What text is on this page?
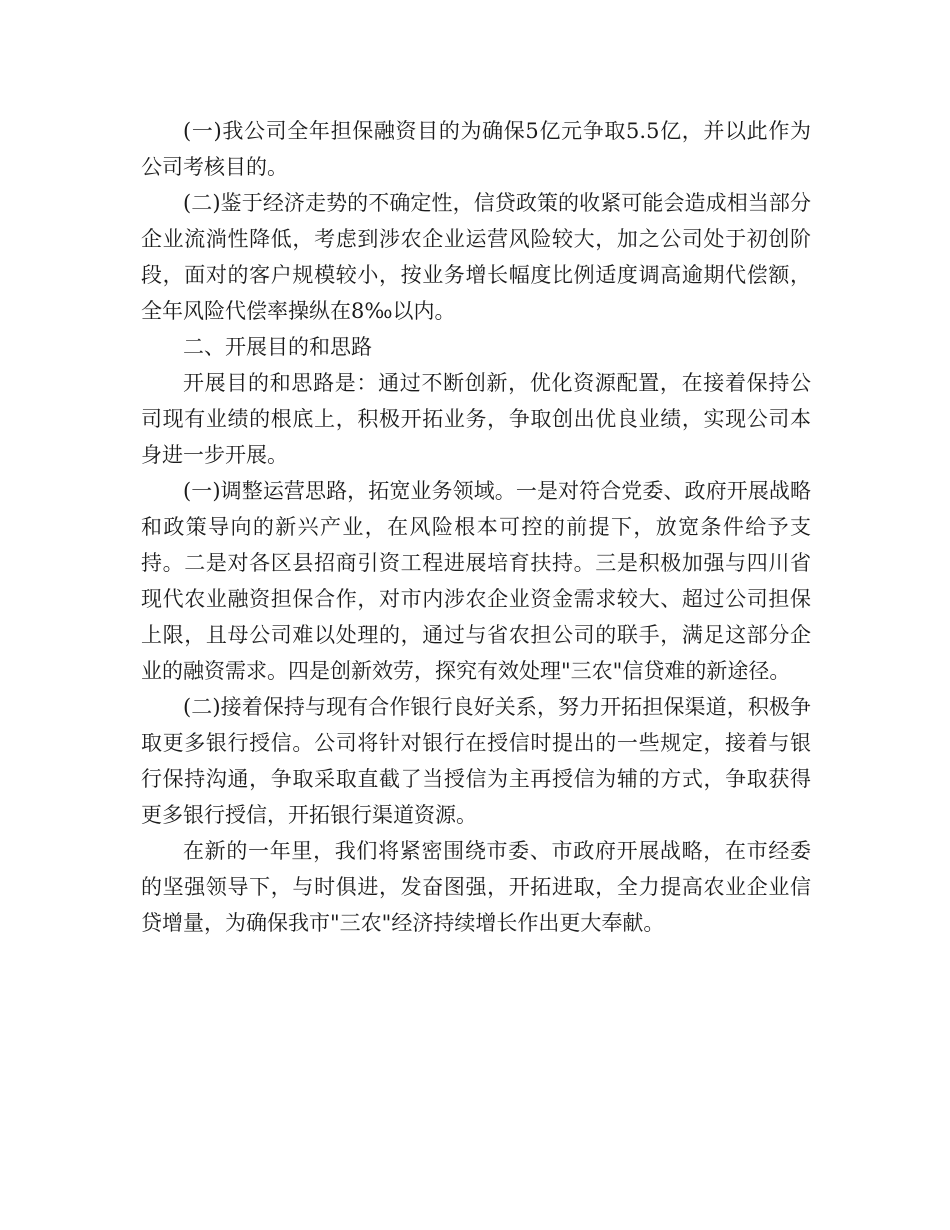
(一)我公司全年担保融资目的为确保5亿元争取5.5亿，并以此作为公司考核目的。

(二)鉴于经济走势的不确定性，信贷政策的收紧可能会造成相当部分企业流淌性降低，考虑到涉农企业运营风险较大，加之公司处于初创阶段，面对的客户规模较小，按业务增长幅度比例适度调高逾期代偿额，全年风险代偿率操纵在8‰以内。

二、开展目的和思路

开展目的和思路是：通过不断创新，优化资源配置，在接着保持公司现有业绩的根底上，积极开拓业务，争取创出优良业绩，实现公司本身进一步开展。

(一)调整运营思路，拓宽业务领域。一是对符合党委、政府开展战略和政策导向的新兴产业，在风险根本可控的前提下，放宽条件给予支持。二是对各区县招商引资工程进展培育扶持。三是积极加强与四川省现代农业融资担保合作，对市内涉农企业资金需求较大、超过公司担保上限，且母公司难以处理的，通过与省农担公司的联手，满足这部分企业的融资需求。四是创新效劳，探究有效处理"三农"信贷难的新途径。

(二)接着保持与现有合作银行良好关系，努力开拓担保渠道，积极争取更多银行授信。公司将针对银行在授信时提出的一些规定，接着与银行保持沟通，争取采取直截了当授信为主再授信为辅的方式，争取获得更多银行授信，开拓银行渠道资源。

在新的一年里，我们将紧密围绕市委、市政府开展战略，在市经委的坚强领导下，与时俱进，发奋图强，开拓进取，全力提高农业企业信贷增量，为确保我市"三农"经济持续增长作出更大奉献。
